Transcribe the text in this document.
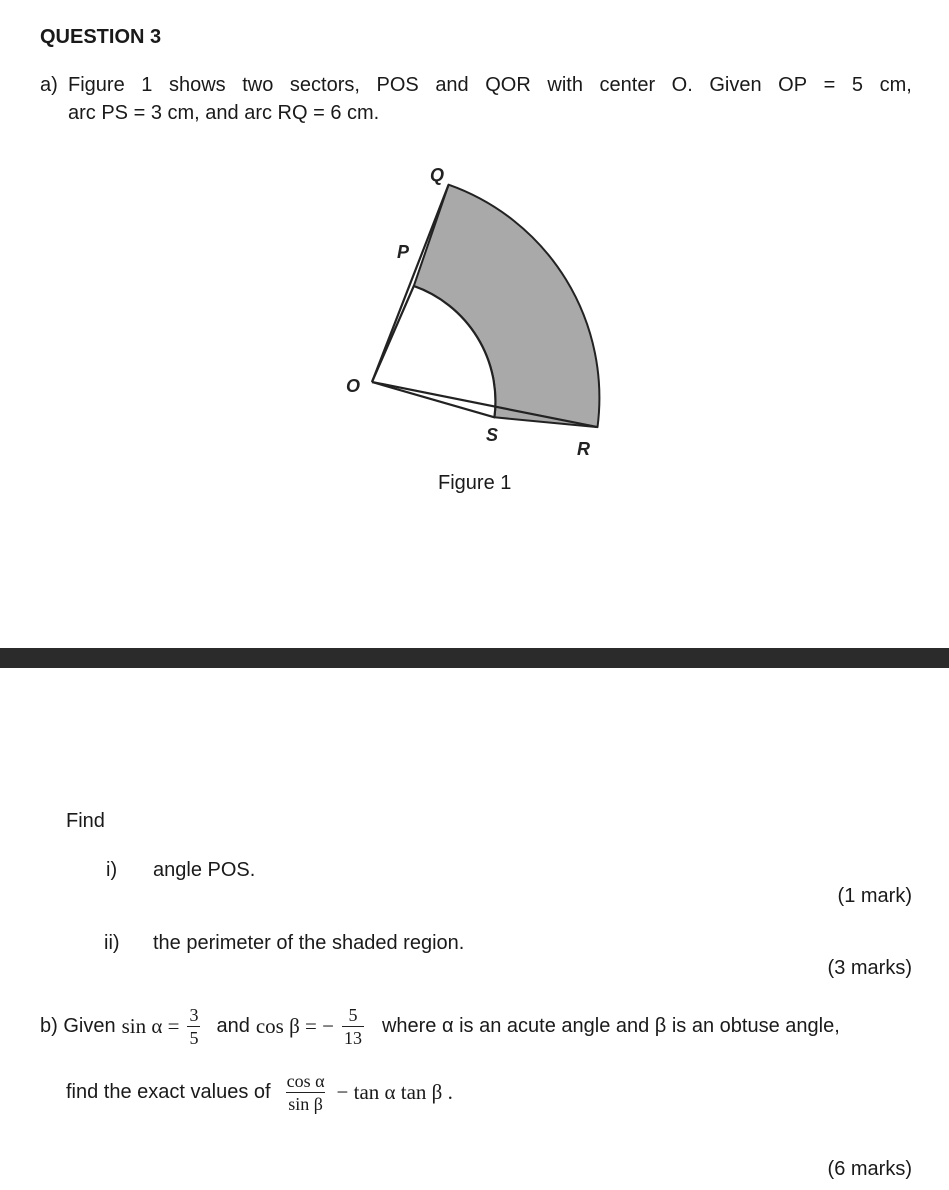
QUESTION 3
a) Figure 1 shows two sectors, POS and QOR with center O. Given OP = 5 cm,
arc PS = 3 cm, and arc RQ = 6 cm.
Q
P
O
S
R
Figure 1
Find
i) angle POS.
(1 mark)
ii) the perimeter of the shaded region.
(3 marks)
b) Given $\sin \alpha = \frac{3}{5}$ and cos β = − $\frac{5}{13}$ where α is an acute angle and β is an obtuse angle,
find the exact values of $\frac{\text{cos α}}{\text{sin β}} - \tan \alpha$ tan β .
(6 marks)
